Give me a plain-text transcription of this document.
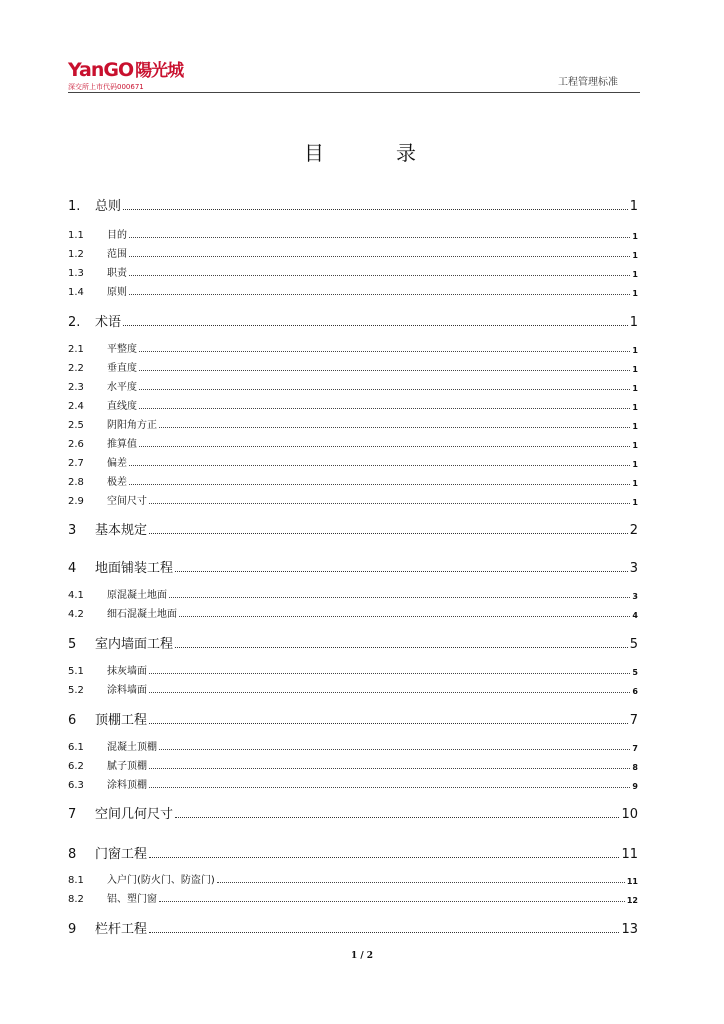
YanGO 陽光城
深交所上市代码000671	工程管理标准
目　录
1.	总则	1
1.1	目的	1
1.2	范围	1
1.3	职责	1
1.4	原则	1
2.	术语	1
2.1	平整度	1
2.2	垂直度	1
2.3	水平度	1
2.4	直线度	1
2.5	阴阳角方正	1
2.6	推算值	1
2.7	偏差	1
2.8	极差	1
2.9	空间尺寸	1
3	基本规定	2
4	地面铺装工程	3
4.1	原混凝土地面	3
4.2	细石混凝土地面	4
5	室内墙面工程	5
5.1	抹灰墙面	5
5.2	涂料墙面	6
6	顶棚工程	7
6.1	混凝土顶棚	7
6.2	腻子顶棚	8
6.3	涂料顶棚	9
7	空间几何尺寸	10
8	门窗工程	11
8.1	入户门(防火门、防盗门)	11
8.2	铝、塑门窗	12
9	栏杆工程	13
1 / 2
